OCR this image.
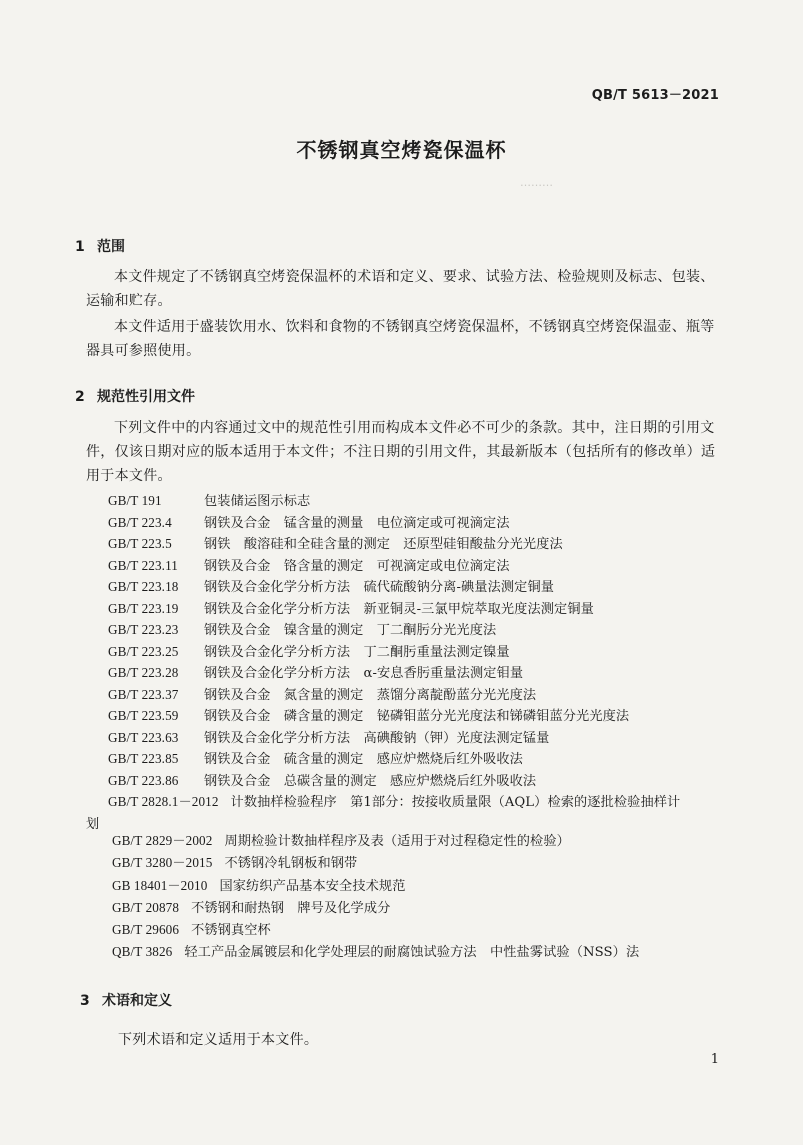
………
QB/T 5613－2021
不锈钢真空烤瓷保温杯
1 范围
本文件规定了不锈钢真空烤瓷保温杯的术语和定义、要求、试验方法、检验规则及标志、包装、运输和贮存。
本文件适用于盛装饮用水、饮料和食物的不锈钢真空烤瓷保温杯，不锈钢真空烤瓷保温壶、瓶等器具可参照使用。
2 规范性引用文件
下列文件中的内容通过文中的规范性引用而构成本文件必不可少的条款。其中，注日期的引用文件，仅该日期对应的版本适用于本文件；不注日期的引用文件，其最新版本（包括所有的修改单）适用于本文件。
GB/T 191	包装储运图示标志
GB/T 223.4 钢铁及合金　锰含量的测量　电位滴定或可视滴定法
GB/T 223.5 钢铁　酸溶硅和全硅含量的测定　还原型硅钼酸盐分光光度法
GB/T 223.11 钢铁及合金　铬含量的测定　可视滴定或电位滴定法
GB/T 223.18 钢铁及合金化学分析方法　硫代硫酸钠分离-碘量法测定铜量
GB/T 223.19 钢铁及合金化学分析方法　新亚铜灵-三氯甲烷萃取光度法测定铜量
GB/T 223.23 钢铁及合金　镍含量的测定　丁二酮肟分光光度法
GB/T 223.25 钢铁及合金化学分析方法　丁二酮肟重量法测定镍量
GB/T 223.28 钢铁及合金化学分析方法　α-安息香肟重量法测定钼量
GB/T 223.37 钢铁及合金　氮含量的测定　蒸馏分离靛酚蓝分光光度法
GB/T 223.59 钢铁及合金　磷含量的测定　铋磷钼蓝分光光度法和锑磷钼蓝分光光度法
GB/T 223.63 钢铁及合金化学分析方法　高碘酸钠（钾）光度法测定锰量
GB/T 223.85 钢铁及合金　硫含量的测定　感应炉燃烧后红外吸收法
GB/T 223.86 钢铁及合金　总碳含量的测定　感应炉燃烧后红外吸收法
GB/T 2828.1－2012 计数抽样检验程序　第1部分：按接收质量限（AQL）检索的逐批检验抽样计
划
GB/T 2829－2002 周期检验计数抽样程序及表（适用于对过程稳定性的检验）
GB/T 3280－2015 不锈钢冷轧钢板和钢带
GB 18401－2010 国家纺织产品基本安全技术规范
GB/T 20878 不锈钢和耐热钢　牌号及化学成分
GB/T 29606 不锈钢真空杯
QB/T 3826 轻工产品金属镀层和化学处理层的耐腐蚀试验方法　中性盐雾试验（NSS）法
3 术语和定义
下列术语和定义适用于本文件。
1
